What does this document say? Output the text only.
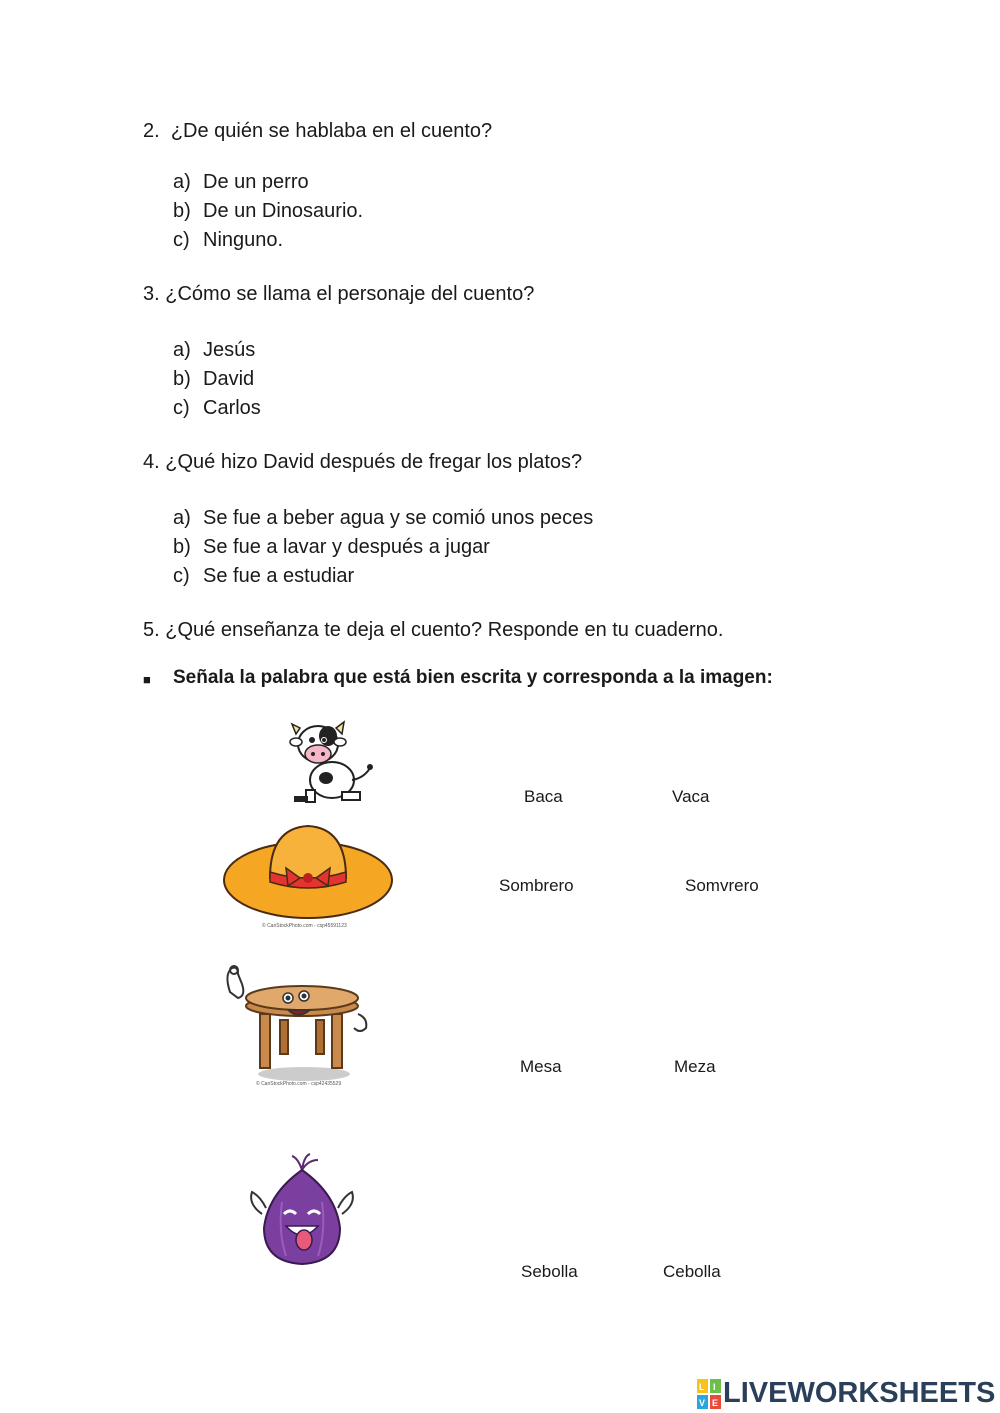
2. ¿De quién se hablaba en el cuento?
a) De un perro
b) De un Dinosaurio.
c) Ninguno.
3. ¿Cómo se llama el personaje del cuento?
a) Jesús
b) David
c) Carlos
4. ¿Qué hizo David después de fregar los platos?
a) Se fue a beber agua y se comió unos peces
b) Se fue a lavar y después a jugar
c) Se fue a estudiar
5. ¿Qué enseñanza te deja el cuento? Responde en tu cuaderno.
■ Señala la palabra que está bien escrita y corresponda a la imagen:
© CanStockPhoto.com - csp45591123
© CanStockPhoto.com - csp42435529
Baca	Vaca
Sombrero	Somvrero
Mesa	Meza
Sebolla	Cebolla
L I
V E LIVEWORKSHEETS
